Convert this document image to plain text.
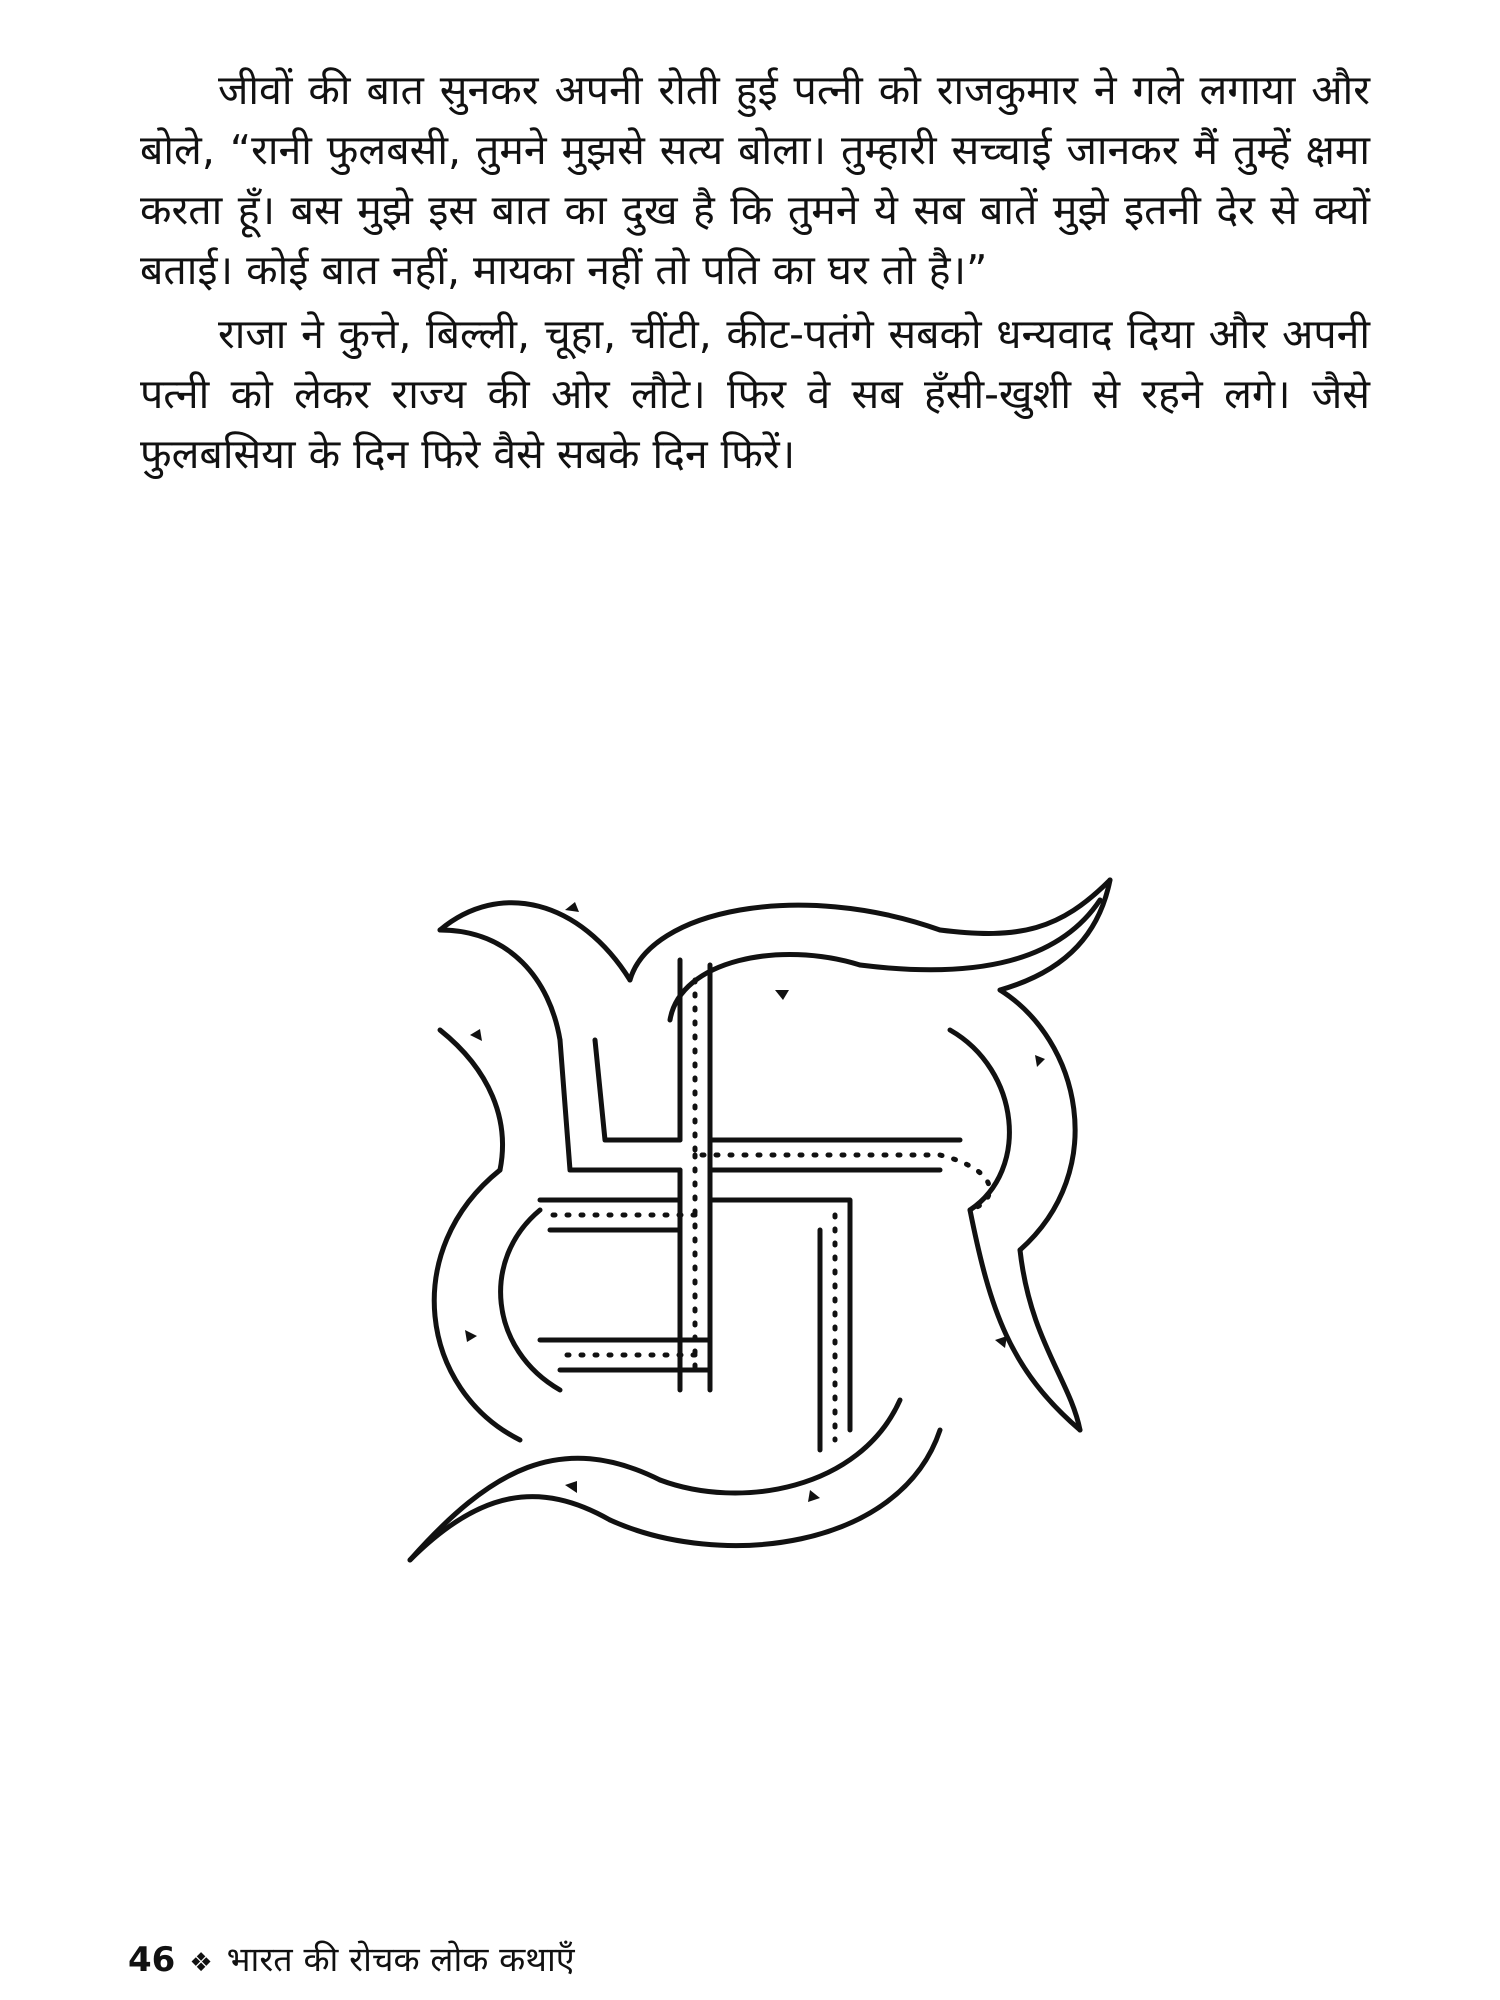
जीवों की बात सुनकर अपनी रोती हुई पत्नी को राजकुमार ने गले लगाया और बोले, “रानी फुलबसी, तुमने मुझसे सत्य बोला। तुम्हारी सच्चाई जानकर मैं तुम्हें क्षमा करता हूँ। बस मुझे इस बात का दुख है कि तुमने ये सब बातें मुझे इतनी देर से क्यों बताई। कोई बात नहीं, मायका नहीं तो पति का घर तो है।”

राजा ने कुत्ते, बिल्ली, चूहा, चींटी, कीट-पतंगे सबको धन्यवाद दिया और अपनी पत्नी को लेकर राज्य की ओर लौटे। फिर वे सब हँसी-खुशी से रहने लगे। जैसे फुलबसिया के दिन फिरे वैसे सबके दिन फिरें।

46 ❖ भारत की रोचक लोक कथाएँ
